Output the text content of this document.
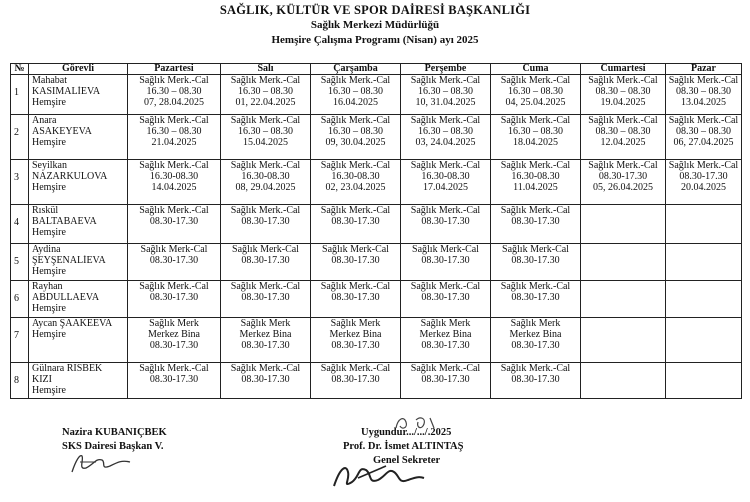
SAĞLIK, KÜLTÜR VE SPOR DAİRESİ BAŞKANLIĞI
Sağlık Merkezi Müdürlüğü
Hemşire Çalışma Programı (Nisan) ayı 2025
№	Görevli	Pazartesi	Salı	Çarşamba	Perşembe	Cuma	Cumartesi	Pazar
1	Mahabat
KASIMALİEVA
Hemşire	Sağlık Merk.-Cal
16.30 – 08.30
07, 28.04.2025	Sağlık Merk.-Cal
16.30 – 08.30
01, 22.04.2025	Sağlık Merk.-Cal
16.30 – 08.30
16.04.2025	Sağlık Merk.-Cal
16.30 – 08.30
10, 31.04.2025	Sağlık Merk.-Cal
16.30 – 08.30
04, 25.04.2025	Sağlık Merk.-Cal
08.30 – 08.30
19.04.2025	Sağlık Merk.-Cal
08.30 – 08.30
13.04.2025

2	Anara
ASAKEYEVA
Hemşire	Sağlık Merk.-Cal
16.30 – 08.30
21.04.2025	Sağlık Merk.-Cal
16.30 – 08.30
15.04.2025	Sağlık Merk.-Cal
16.30 – 08.30
09, 30.04.2025	Sağlık Merk.-Cal
16.30 – 08.30
03, 24.04.2025	Sağlık Merk.-Cal
16.30 – 08.30
18.04.2025	Sağlık Merk.-Cal
08.30 – 08.30
12.04.2025	Sağlık Merk.-Cal
08.30 – 08.30
06, 27.04.2025

3	Seyilkan
NAZARKULOVA
Hemşire	Sağlık Merk.-Cal
16.30-08.30
14.04.2025	Sağlık Merk.-Cal
16.30-08.30
08, 29.04.2025	Sağlık Merk.-Cal
16.30-08.30
02, 23.04.2025	Sağlık Merk.-Cal
16.30-08.30
17.04.2025	Sağlık Merk.-Cal
16.30-08.30
11.04.2025	Sağlık Merk.-Cal
08.30-17.30
05, 26.04.2025	Sağlık Merk.-Cal
08.30-17.30
20.04.2025

4	Rıskül
BALTABAEVA
Hemşire	Sağlık Merk.-Cal
08.30-17.30	Sağlık Merk.-Cal
08.30-17.30	Sağlık Merk.-Cal
08.30-17.30	Sağlık Merk.-Cal
08.30-17.30	Sağlık Merk.-Cal
08.30-17.30		

5	Aydina
ŞEYŞENALİEVA
Hemşire	Sağlık Merk-Cal
08.30-17.30	Sağlık Merk-Cal
08.30-17.30	Sağlık Merk-Cal
08.30-17.30	Sağlık Merk-Cal
08.30-17.30	Sağlık Merk-Cal
08.30-17.30		

6	Rayhan
ABDULLAEVA
Hemşire	Sağlık Merk.-Cal
08.30-17.30	Sağlık Merk.-Cal
08.30-17.30	Sağlık Merk.-Cal
08.30-17.30	Sağlık Merk.-Cal
08.30-17.30	Sağlık Merk.-Cal
08.30-17.30		

7	Aycan ŞAAKEEVA
Hemşire	Sağlık Merk
Merkez Bina
08.30-17.30	Sağlık Merk
Merkez Bina
08.30-17.30	Sağlık Merk
Merkez Bina
08.30-17.30	Sağlık Merk
Merkez Bina
08.30-17.30	Sağlık Merk
Merkez Bina
08.30-17.30		

8	Gülnara RISBEK
KIZI
Hemşire	Sağlık Merk.-Cal
08.30-17.30	Sağlık Merk.-Cal
08.30-17.30	Sağlık Merk.-Cal
08.30-17.30	Sağlık Merk.-Cal
08.30-17.30	Sağlık Merk.-Cal
08.30-17.30		

Nazira KUBANIÇBEK
SKS Dairesi Başkan V.
Uygundur.../.../.2025
Prof. Dr. İsmet ALTINTAŞ
Genel Sekreter
